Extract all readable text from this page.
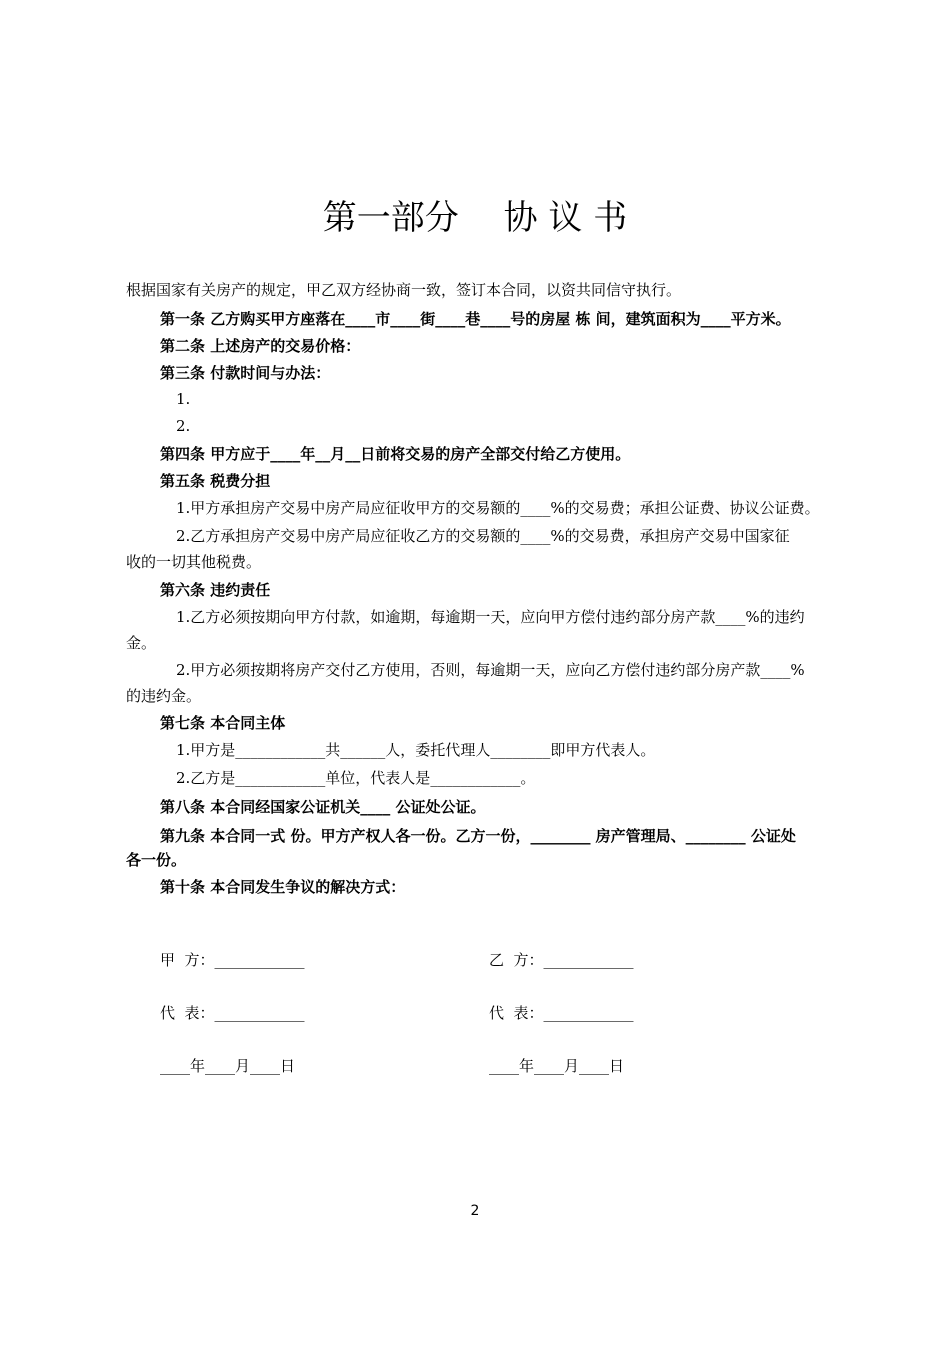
第一部分　 协 议 书
根据国家有关房产的规定，甲乙双方经协商一致，签订本合同，以资共同信守执行。
第一条 乙方购买甲方座落在____市____街____巷____号的房屋 栋 间，建筑面积为____平方米。
第二条 上述房产的交易价格：
第三条 付款时间与办法：
1.
2.
第四条 甲方应于____年__月__日前将交易的房产全部交付给乙方使用。
第五条 税费分担
1.甲方承担房产交易中房产局应征收甲方的交易额的____%的交易费；承担公证费、协议公证费。
2.乙方承担房产交易中房产局应征收乙方的交易额的____%的交易费，承担房产交易中国家征
收的一切其他税费。
第六条 违约责任
1.乙方必须按期向甲方付款，如逾期，每逾期一天，应向甲方偿付违约部分房产款____%的违约
金。
2.甲方必须按期将房产交付乙方使用，否则，每逾期一天，应向乙方偿付违约部分房产款____%
的违约金。
第七条 本合同主体
1.甲方是____________共______人，委托代理人________即甲方代表人。
2.乙方是____________单位，代表人是____________。
第八条 本合同经国家公证机关____ 公证处公证。
第九条 本合同一式 份。甲方产权人各一份。乙方一份，________ 房产管理局、________ 公证处
各一份。
第十条 本合同发生争议的解决方式：
甲  方：____________	乙  方：____________
代  表：____________	代  表：____________
____年____月____日	____年____月____日
2
